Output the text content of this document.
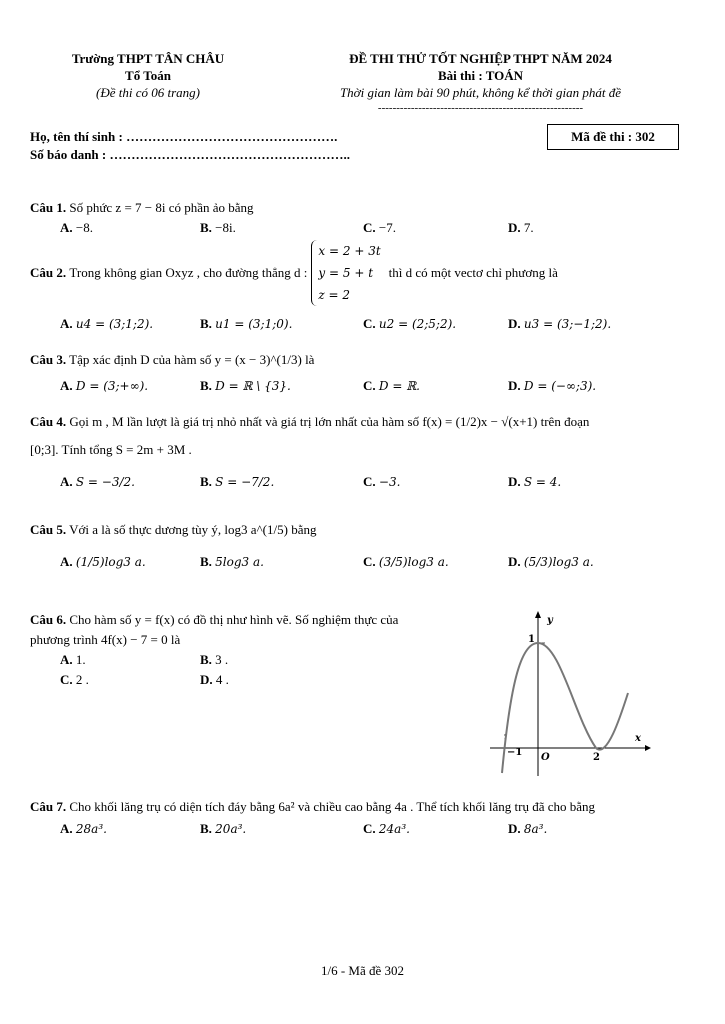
Trường THPT TÂN CHÂU
Tổ Toán
(Đề thi có 06 trang)
ĐỀ THI THỬ TỐT NGHIỆP THPT NĂM 2024
Bài thi : TOÁN
Thời gian làm bài 90 phút, không kể thời gian phát đề
--------------------------------------------------------
Họ, tên thí sinh : ………………………………………….
Số báo danh : ………………………………………………..
Mã đề thi : 302
Câu 1. Số phức z = 7 − 8i có phần ảo bằng
A. −8.	B. −8i.	C. −7.	D. 7.
Câu 2.
Trong không gian Oxyz , cho đường thẳng d :
x = 2 + 3t
y = 5 + t
z = 2
thì d có một vectơ chỉ phương là
A. u4 = (3;1;2).	B. u1 = (3;1;0).	C. u2 = (2;5;2).	D. u3 = (3;−1;2).
Câu 3. Tập xác định D của hàm số y = (x − 3)^(1/3) là
A. D = (3;+∞).	B. D = ℝ \ {3}.	C. D = ℝ.	D. D = (−∞;3).
Câu 4. Gọi m , M lần lượt là giá trị nhỏ nhất và giá trị lớn nhất của hàm số f(x) = (1/2)x − √(x+1) trên đoạn
[0;3]. Tính tổng S = 2m + 3M .
A. S = −3/2.	B. S = −7/2.	C. −3.	D. S = 4.
Câu 5. Với a là số thực dương tùy ý, log3 a^(1/5) bằng
A. (1/5)log3 a.	B. 5log3 a.	C. (3/5)log3 a.	D. (5/3)log3 a.
Câu 6. Cho hàm số y = f(x) có đồ thị như hình vẽ. Số nghiệm thực của
phương trình 4f(x) − 7 = 0 là
A. 1.	B. 3 .
C. 2 .	D. 4 .
y
x
1
O
−1	2
Câu 7. Cho khối lăng trụ có diện tích đáy bằng 6a² và chiều cao bằng 4a . Thể tích khối lăng trụ đã cho bằng
A. 28a³.	B. 20a³.	C. 24a³.	D. 8a³.
1/6 - Mã đề 302
